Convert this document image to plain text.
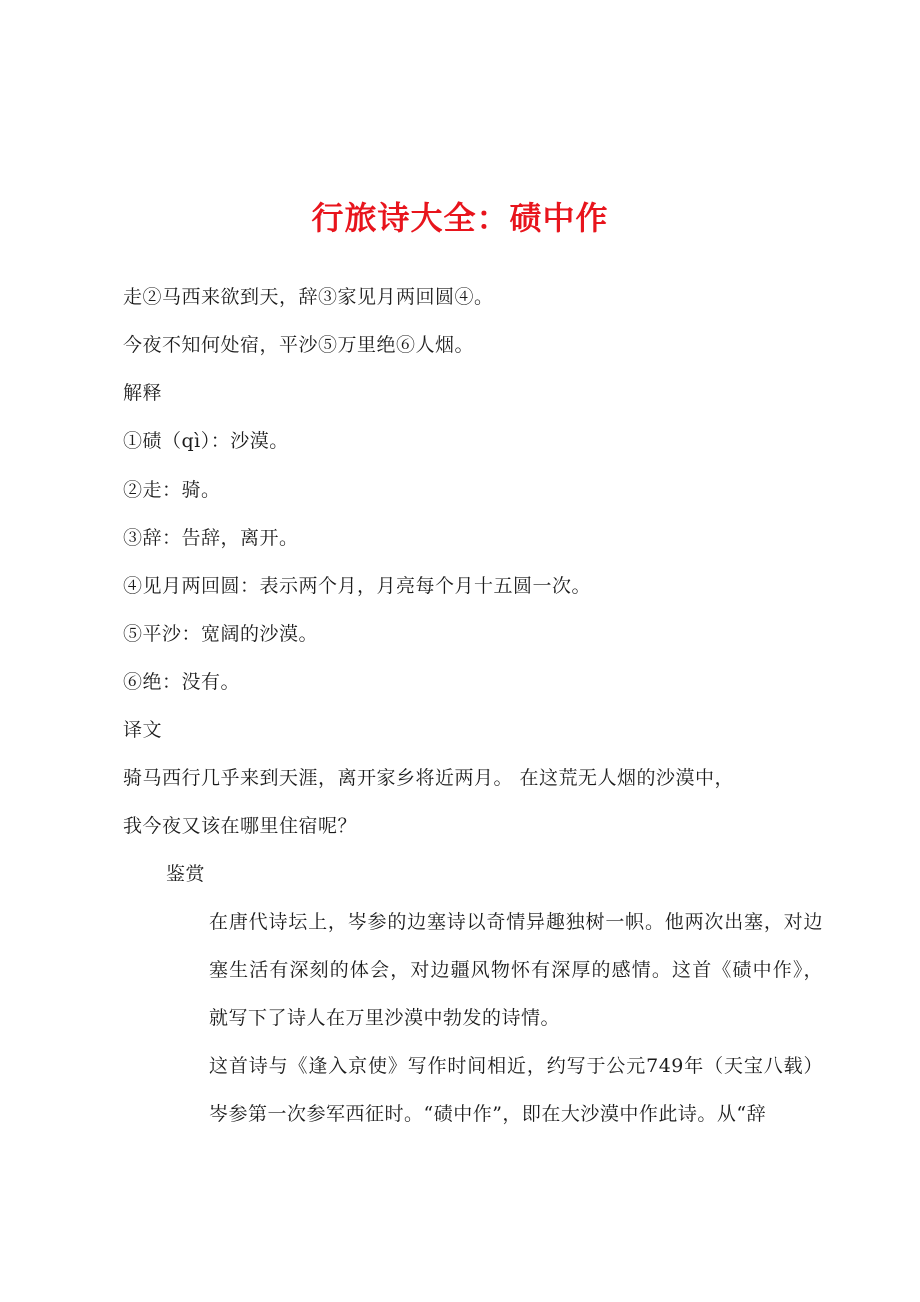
行旅诗大全：碛中作
走②马西来欲到天，辞③家见月两回圆④。
今夜不知何处宿，平沙⑤万里绝⑥人烟。
解释
①碛（qì）：沙漠。
②走：骑。
③辞：告辞，离开。
④见月两回圆：表示两个月，月亮每个月十五圆一次。
⑤平沙：宽阔的沙漠。
⑥绝：没有。
译文
骑马西行几乎来到天涯，离开家乡将近两月。 在这荒无人烟的沙漠中，
我今夜又该在哪里住宿呢？
鉴赏
在唐代诗坛上，岑参的边塞诗以奇情异趣独树一帜。他两次出塞，对边塞生活有深刻的体会，对边疆风物怀有深厚的感情。这首《碛中作》，就写下了诗人在万里沙漠中勃发的诗情。
这首诗与《逢入京使》写作时间相近，约写于公元749年（天宝八载）岑参第一次参军西征时。“碛中作”，即在大沙漠中作此诗。从“辞
